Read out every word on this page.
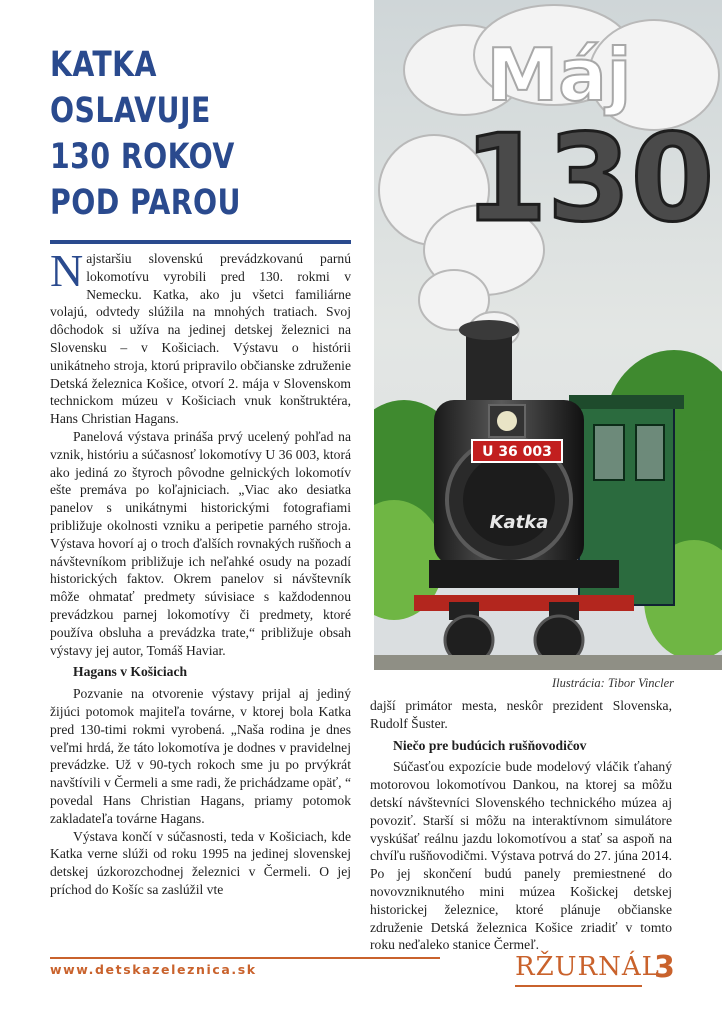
KATKA
OSLAVUJE
130 ROKOV
POD PAROU

Najstaršiu slovenskú prevádzkovanú parnú lokomotívu vyrobili pred 130. rokmi v Nemecku. Katka, ako ju všetci familiárne volajú, odvtedy slúžila na mnohých tratiach. Svoj dôchodok si užíva na jedinej detskej železnici na Slovensku – v Košiciach. Výstavu o histórii unikátneho stroja, ktorú pripravilo občianske združenie Detská železnica Košice, otvorí 2. mája v Slovenskom technickom múzeu v Košiciach vnuk konštruktéra, Hans Christian Hagans.

Panelová výstava prináša prvý ucelený pohľad na vznik, históriu a súčasnosť lokomotívy U 36 003, ktorá ako jediná zo štyroch pôvodne gelnických lokomotív ešte premáva po koľajniciach. „Viac ako desiatka panelov s unikátnymi historickými fotografiami približuje okolnosti vzniku a peripetie parného stroja. Výstava hovorí aj o troch ďalších rovnakých rušňoch a návštevníkom približuje ich neľahké osudy na pozadí historických faktov. Okrem panelov si návštevník môže ohmatať predmety súvisiace s každodennou prevádzkou parnej lokomotívy či predmety, ktoré používa obsluha a prevádzka trate,“ približuje obsah výstavy jej autor, Tomáš Haviar.

Hagans v Košiciach

Pozvanie na otvorenie výstavy prijal aj jediný žijúci potomok majiteľa továrne, v ktorej bola Katka pred 130-timi rokmi vyrobená. „Naša rodina je dnes veľmi hrdá, že táto lokomotíva je dodnes v pravidelnej prevádzke. Už v 90-tych rokoch sme ju po prvýkrát navštívili v Čermeli a sme radi, že prichádzame opäť, “ povedal Hans Christian Hagans, priamy potomok zakladateľa továrne Hagans.

Výstava končí v súčasnosti, teda v Košiciach, kde Katka verne slúži od roku 1995 na jedinej slovenskej detskej úzkorozchodnej železnici v Čermeli. O jej príchod do Košíc sa zaslúžil vte

Máj
130
U 36 003
Katka
Ilustrácia: Tibor Vincler

dajší primátor mesta, neskôr prezident Slovenska, Rudolf Šuster.

Niečo pre budúcich rušňovodičov

Súčasťou expozície bude modelový vláčik ťahaný motorovou lokomotívou Dankou, na ktorej sa môžu detskí návštevníci Slovenského technického múzea aj povoziť. Starší si môžu na interaktívnom simulátore vyskúšať reálnu jazdu lokomotívou a stať sa aspoň na chvíľu rušňovodičmi. Výstava potrvá do 27. júna 2014. Po jej skončení budú panely premiestnené do novovzniknutého mini múzea Košickej detskej historickej železnice, ktoré plánuje občianske združenie Detská železnica Košice zriadiť v tomto roku neďaleko stanice Čermeľ.

www.detskazeleznica.sk	RŽURNÁL
3
